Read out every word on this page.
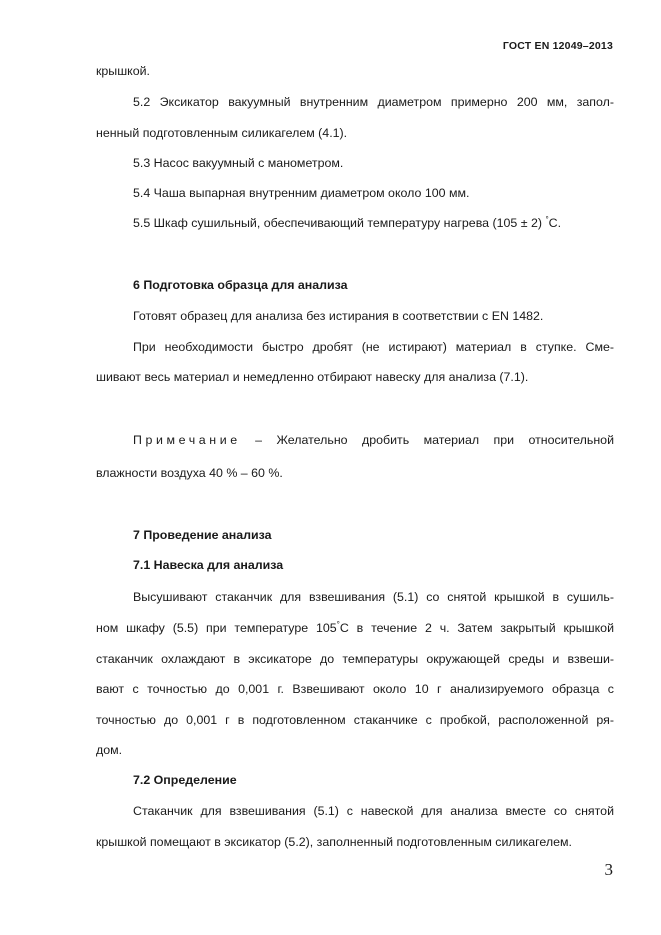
ГОСТ EN 12049–2013
крышкой.
5.2 Эксикатор вакуумный внутренним диаметром примерно 200 мм, запол-
ненный подготовленным силикагелем (4.1).
5.3 Насос вакуумный с манометром.
5.4 Чаша выпарная внутренним диаметром около 100 мм.
5.5 Шкаф сушильный, обеспечивающий температуру нагрева (105 ± 2) °C.
6 Подготовка образца для анализа
Готовят образец для анализа без истирания в соответствии с EN 1482.
При необходимости быстро дробят (не истирают) материал в ступке. Сме-
шивают весь материал и немедленно отбирают навеску для анализа (7.1).
Примечание – Желательно дробить материал при относительной
влажности воздуха 40 % – 60 %.
7 Проведение анализа
7.1 Навеска для анализа
Высушивают стаканчик для взвешивания (5.1) со снятой крышкой в сушиль-
ном шкафу (5.5) при температуре 105°C в течение 2 ч. Затем закрытый крышкой
стаканчик охлаждают в эксикаторе до температуры окружающей среды и взвеши-
вают с точностью до 0,001 г. Взвешивают около 10 г анализируемого образца с
точностью до 0,001 г в подготовленном стаканчике с пробкой, расположенной ря-
дом.
7.2 Определение
Стаканчик для взвешивания (5.1) с навеской для анализа вместе со снятой
крышкой помещают в эксикатор (5.2), заполненный подготовленным силикагелем.
3
